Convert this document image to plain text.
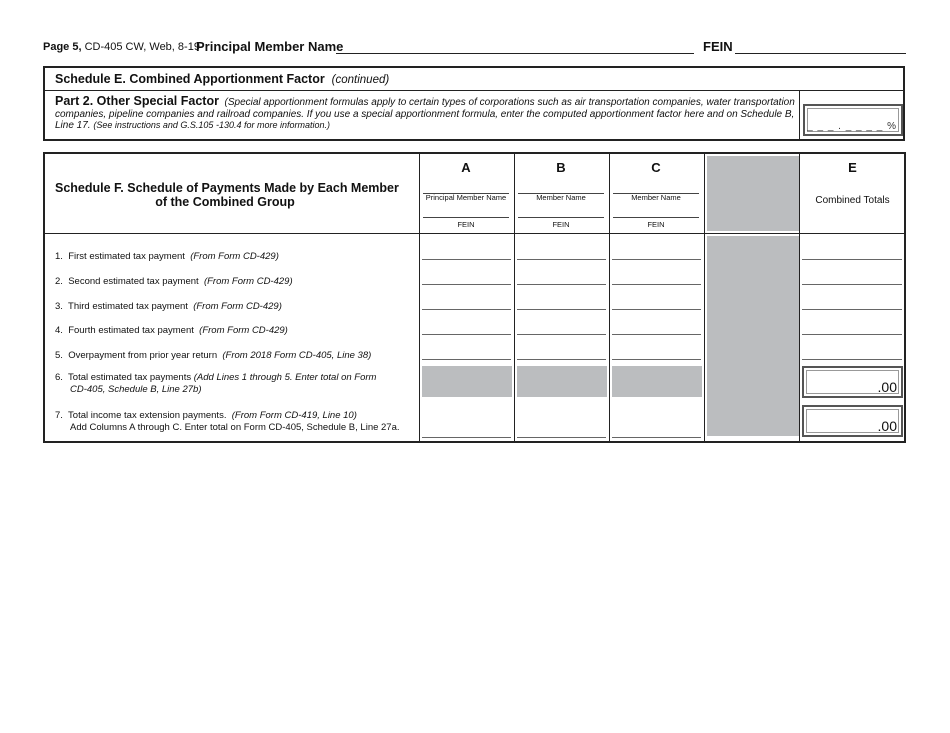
Page 5, CD-405 CW, Web, 8-19
Principal Member Name	FEIN
Schedule E. Combined Apportionment Factor (continued)
Part 2. Other Special Factor (Special apportionment formulas apply to certain types of corporations such as air transportation companies, water transportation companies, pipeline companies and railroad companies. If you use a special apportionment formula, enter the computed apportionment factor here and on Schedule B, Line 17. (See instructions and G.S.105 -130.4 for more information.)	_ _ _ . _ _ _ _ %
Schedule F. Schedule of Payments Made by Each Member
of the Combined Group
A
Principal Member Name
FEIN
B
Member Name
FEIN
C
Member Name
FEIN
E
Combined Totals
1. First estimated tax payment (From Form CD-429)
2. Second estimated tax payment (From Form CD-429)
3. Third estimated tax payment (From Form CD-429)
4. Fourth estimated tax payment (From Form CD-429)
5. Overpayment from prior year return (From 2018 Form CD-405, Line 38)
6. Total estimated tax payments (Add Lines 1 through 5. Enter total on Form
CD-405, Schedule B, Line 27b)
7. Total income tax extension payments. (From Form CD-419, Line 10)
Add Columns A through C. Enter total on Form CD-405, Schedule B, Line 27a.
.00
.00
